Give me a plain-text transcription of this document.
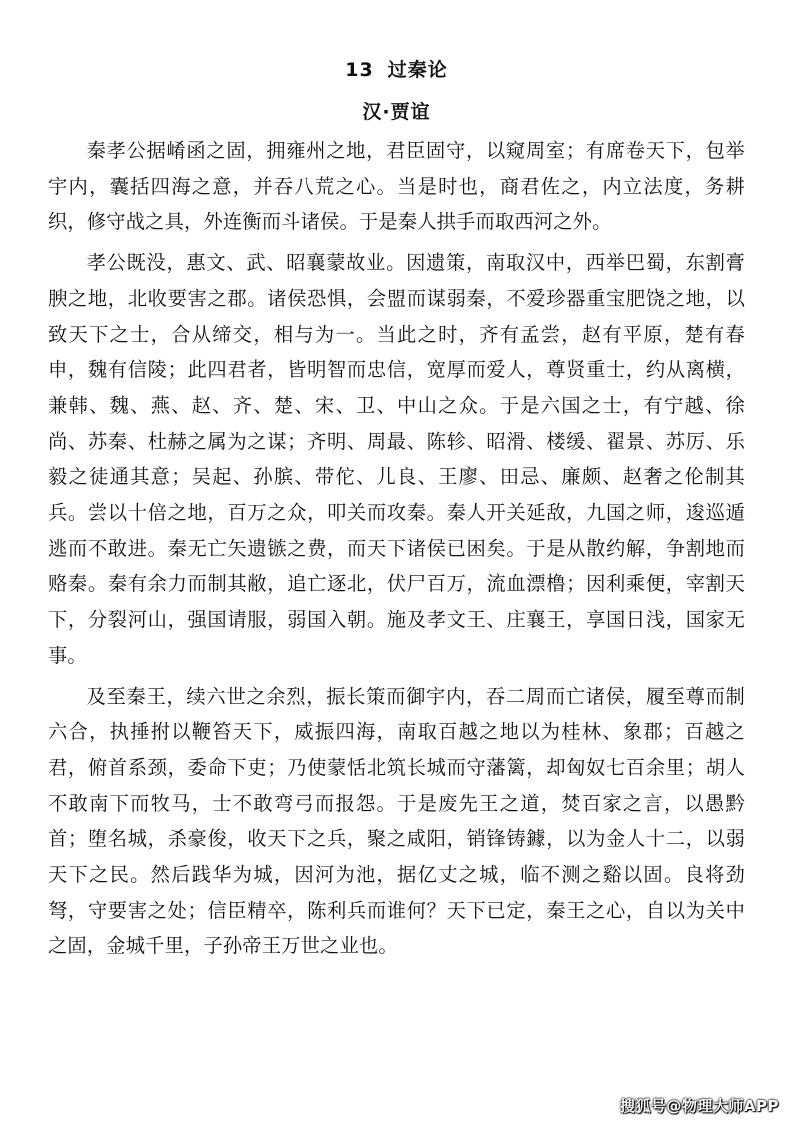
13 过秦论
汉·贾谊

秦孝公据崤函之固，拥雍州之地，君臣固守，以窥周室；有席卷天下，包举宇内，囊括四海之意，并吞八荒之心。当是时也，商君佐之，内立法度，务耕织，修守战之具，外连衡而斗诸侯。于是秦人拱手而取西河之外。

孝公既没，惠文、武、昭襄蒙故业。因遗策，南取汉中，西举巴蜀，东割膏腴之地，北收要害之郡。诸侯恐惧，会盟而谋弱秦，不爱珍器重宝肥饶之地，以致天下之士，合从缔交，相与为一。当此之时，齐有孟尝，赵有平原，楚有春申，魏有信陵；此四君者，皆明智而忠信，宽厚而爱人，尊贤重士，约从离横，兼韩、魏、燕、赵、齐、楚、宋、卫、中山之众。于是六国之士，有宁越、徐尚、苏秦、杜赫之属为之谋；齐明、周最、陈轸、昭滑、楼缓、翟景、苏厉、乐毅之徒通其意；吴起、孙膑、带佗、儿良、王廖、田忌、廉颇、赵奢之伦制其兵。尝以十倍之地，百万之众，叩关而攻秦。秦人开关延敌，九国之师，逡巡遁逃而不敢进。秦无亡矢遗镞之费，而天下诸侯已困矣。于是从散约解，争割地而赂秦。秦有余力而制其敝，追亡逐北，伏尸百万，流血漂橹；因利乘便，宰割天下，分裂河山，强国请服，弱国入朝。施及孝文王、庄襄王，享国日浅，国家无事。

及至秦王，续六世之余烈，振长策而御宇内，吞二周而亡诸侯，履至尊而制六合，执捶拊以鞭笞天下，威振四海，南取百越之地以为桂林、象郡；百越之君，俯首系颈，委命下吏；乃使蒙恬北筑长城而守藩篱，却匈奴七百余里；胡人不敢南下而牧马，士不敢弯弓而报怨。于是废先王之道，焚百家之言，以愚黔首；堕名城，杀豪俊，收天下之兵，聚之咸阳，销锋铸鐻，以为金人十二，以弱天下之民。然后践华为城，因河为池，据亿丈之城，临不测之谿以固。良将劲弩，守要害之处；信臣精卒，陈利兵而谁何？天下已定，秦王之心，自以为关中之固，金城千里，子孙帝王万世之业也。

搜狐号@物理大师APP
